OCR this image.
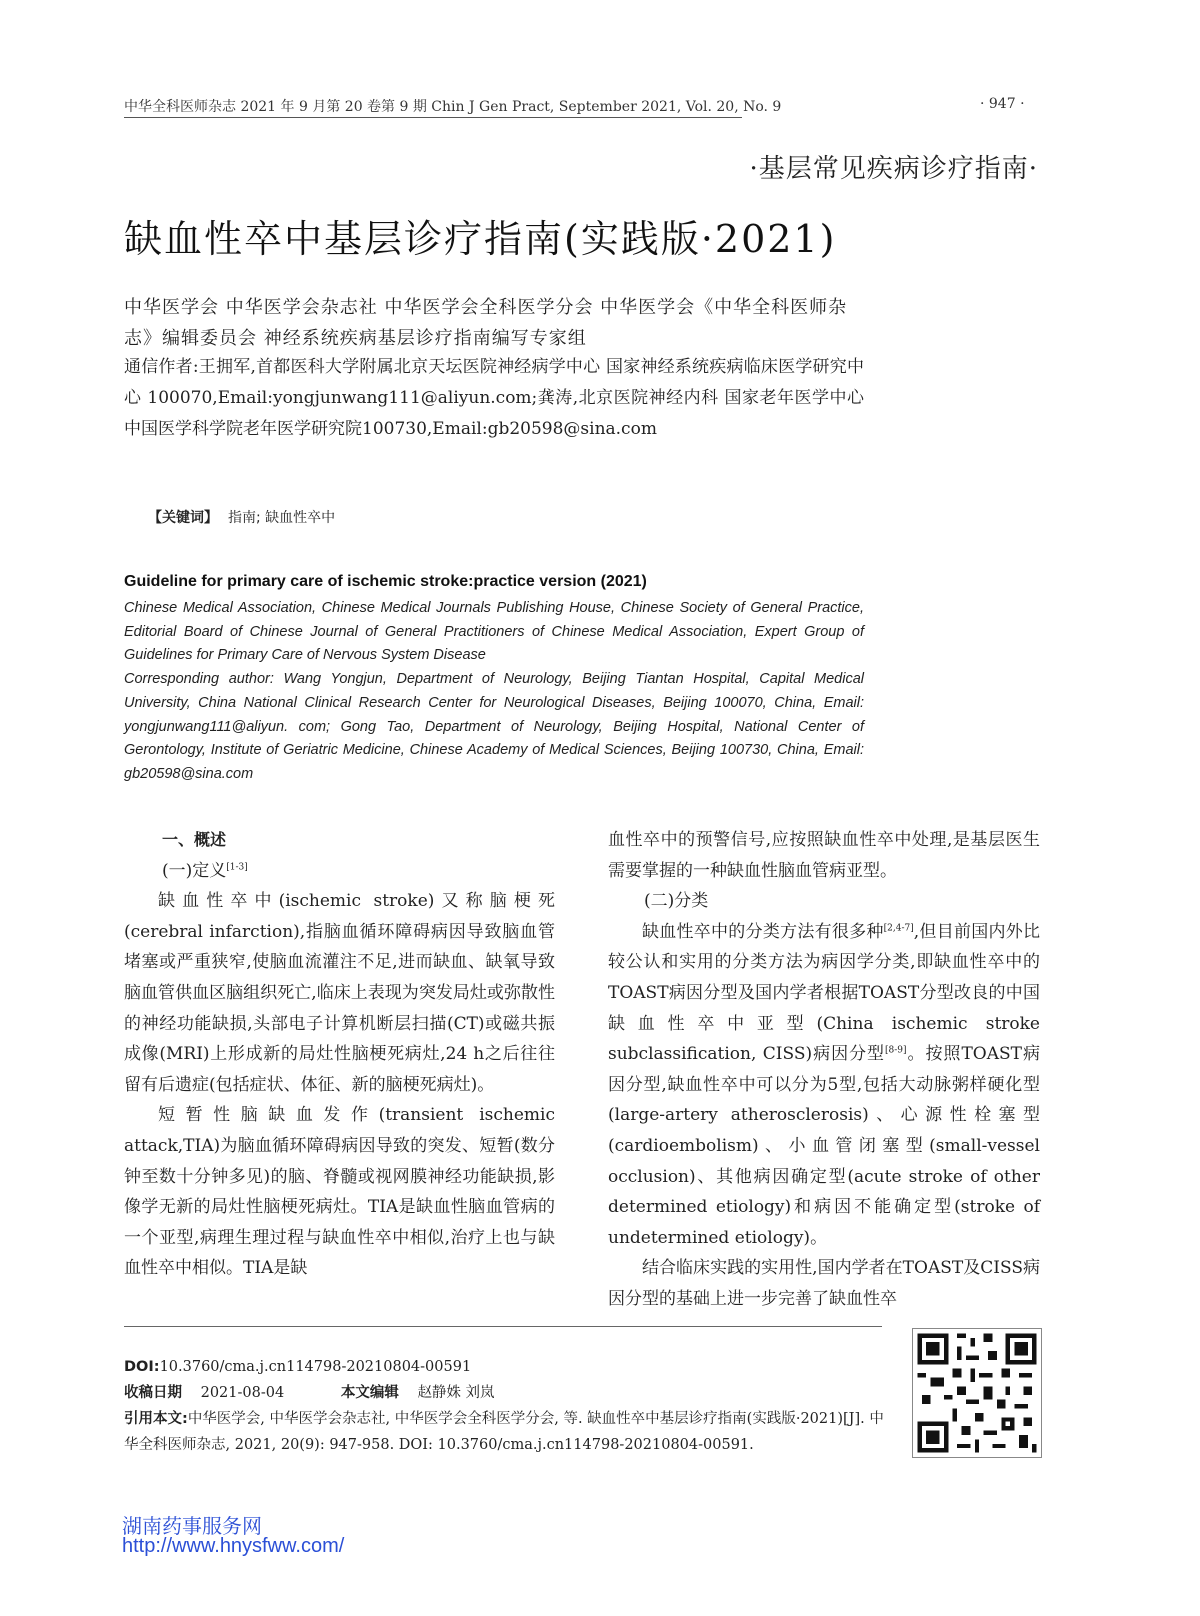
中华全科医师杂志 2021 年 9 月第 20 卷第 9 期 Chin J Gen Pract, September 2021, Vol. 20, No. 9	· 947 ·
·基层常见疾病诊疗指南·
缺血性卒中基层诊疗指南(实践版·2021)
中华医学会 中华医学会杂志社 中华医学会全科医学分会 中华医学会《中华全科医师杂志》编辑委员会 神经系统疾病基层诊疗指南编写专家组
通信作者:王拥军,首都医科大学附属北京天坛医院神经病学中心 国家神经系统疾病临床医学研究中心 100070,Email:yongjunwang111@aliyun.com;龚涛,北京医院神经内科 国家老年医学中心 中国医学科学院老年医学研究院100730,Email:gb20598@sina.com
【关键词】 指南; 缺血性卒中
Guideline for primary care of ischemic stroke:practice version (2021)
Chinese Medical Association, Chinese Medical Journals Publishing House, Chinese Society of General Practice, Editorial Board of Chinese Journal of General Practitioners of Chinese Medical Association, Expert Group of Guidelines for Primary Care of Nervous System Disease
Corresponding author: Wang Yongjun, Department of Neurology, Beijing Tiantan Hospital, Capital Medical University, China National Clinical Research Center for Neurological Diseases, Beijing 100070, China, Email: yongjunwang111@aliyun. com; Gong Tao, Department of Neurology, Beijing Hospital, National Center of Gerontology, Institute of Geriatric Medicine, Chinese Academy of Medical Sciences, Beijing 100730, China, Email: gb20598@sina.com

一、概述

(一)定义[1-3]

缺血性卒中(ischemic stroke)又称脑梗死(cerebral infarction),指脑血循环障碍病因导致脑血管堵塞或严重狭窄,使脑血流灌注不足,进而缺血、缺氧导致脑血管供血区脑组织死亡,临床上表现为突发局灶或弥散性的神经功能缺损,头部电子计算机断层扫描(CT)或磁共振成像(MRI)上形成新的局灶性脑梗死病灶,24 h之后往往留有后遗症(包括症状、体征、新的脑梗死病灶)。

短暂性脑缺血发作(transient ischemic attack,TIA)为脑血循环障碍病因导致的突发、短暂(数分钟至数十分钟多见)的脑、脊髓或视网膜神经功能缺损,影像学无新的局灶性脑梗死病灶。TIA是缺血性脑血管病的一个亚型,病理生理过程与缺血性卒中相似,治疗上也与缺血性卒中相似。TIA是缺

血性卒中的预警信号,应按照缺血性卒中处理,是基层医生需要掌握的一种缺血性脑血管病亚型。

(二)分类

缺血性卒中的分类方法有很多种[2,4-7],但目前国内外比较公认和实用的分类方法为病因学分类,即缺血性卒中的TOAST病因分型及国内学者根据TOAST分型改良的中国缺血性卒中亚型(China ischemic stroke subclassification, CISS)病因分型[8-9]。按照TOAST病因分型,缺血性卒中可以分为5型,包括大动脉粥样硬化型(large-artery atherosclerosis)、心源性栓塞型(cardioembolism)、小血管闭塞型(small-vessel occlusion)、其他病因确定型(acute stroke of other determined etiology)和病因不能确定型(stroke of undetermined etiology)。

结合临床实践的实用性,国内学者在TOAST及CISS病因分型的基础上进一步完善了缺血性卒

DOI:10.3760/cma.j.cn114798-20210804-00591
收稿日期 2021-08-04	本文编辑 赵静姝 刘岚
引用本文:中华医学会, 中华医学会杂志社, 中华医学会全科医学分会, 等. 缺血性卒中基层诊疗指南(实践版·2021)[J]. 中华全科医师杂志, 2021, 20(9): 947-958. DOI: 10.3760/cma.j.cn114798-20210804-00591.
湖南药事服务网
http://www.hnysfww.com/
